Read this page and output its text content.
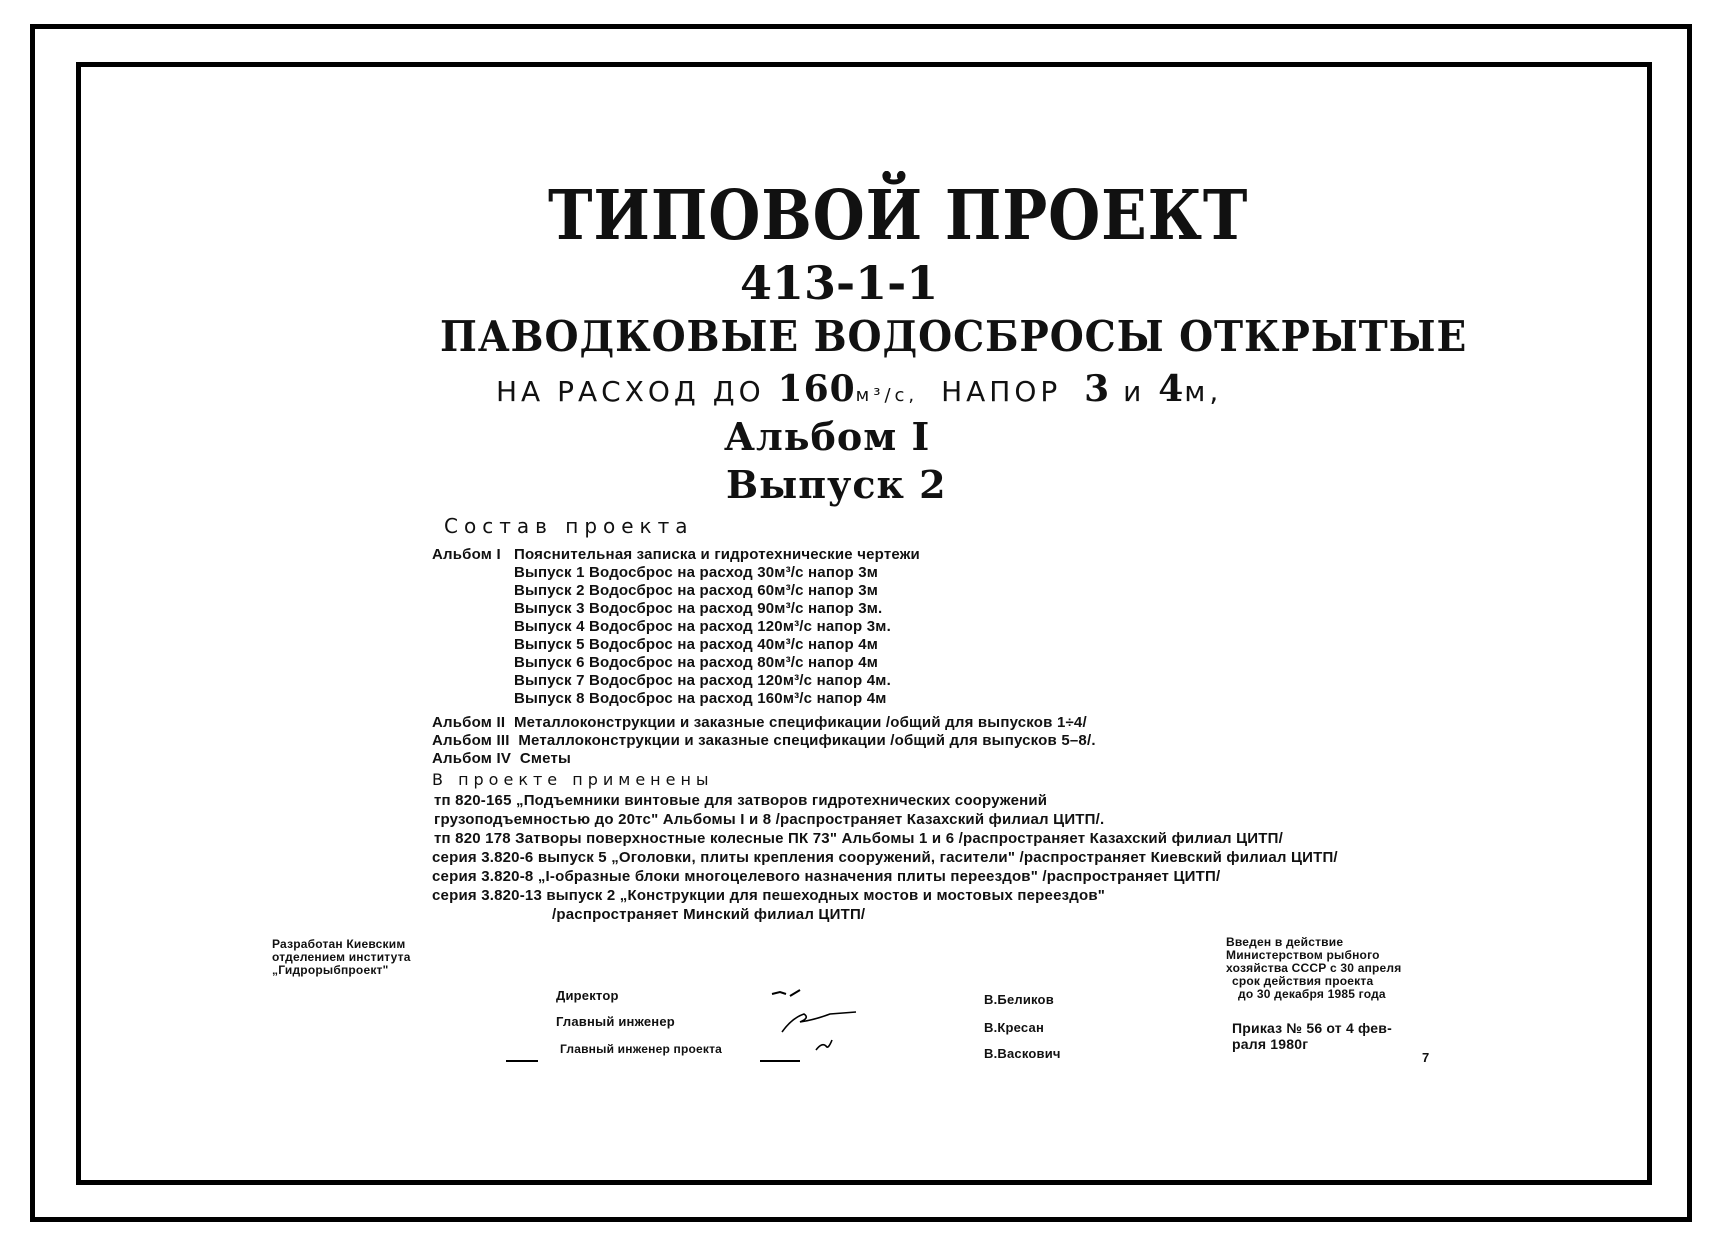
ТИПОВОЙ ПРОЕКТ
413-1-1
ПАВОДКОВЫЕ ВОДОСБРОСЫ ОТКРЫТЫЕ
НА РАСХОД ДО 160м³/с, НАПОР 3 и 4м,
Альбом I
Выпуск 2
Состав проекта
Альбом I Пояснительная записка и гидротехнические чертежи
Выпуск 1 Водосброс на расход 30м³/с напор 3м
Выпуск 2 Водосброс на расход 60м³/с напор 3м
Выпуск 3 Водосброс на расход 90м³/с напор 3м.
Выпуск 4 Водосброс на расход 120м³/с напор 3м.
Выпуск 5 Водосброс на расход 40м³/с напор 4м
Выпуск 6 Водосброс на расход 80м³/с напор 4м
Выпуск 7 Водосброс на расход 120м³/с напор 4м.
Выпуск 8 Водосброс на расход 160м³/с напор 4м
Альбом II Металлоконструкции и заказные спецификации /общий для выпусков 1÷4/
Альбом III Металлоконструкции и заказные спецификации /общий для выпусков 5–8/.
Альбом IV Сметы
В проекте применены
тп 820-165 „Подъемники винтовые для затворов гидротехнических сооружений
грузоподъемностью до 20тс" Альбомы I и 8 /распространяет Казахский филиал ЦИТП/.
тп 820 178 Затворы поверхностные колесные ПК 73" Альбомы 1 и 6 /распространяет Казахский филиал ЦИТП/
серия 3.820-6 выпуск 5 „Оголовки, плиты крепления сооружений, гасители" /распространяет Киевский филиал ЦИТП/
серия 3.820-8 „I-образные блоки многоцелевого назначения плиты переездов" /распространяет ЦИТП/
серия 3.820-13 выпуск 2 „Конструкции для пешеходных мостов и мостовых переездов"
/распространяет Минский филиал ЦИТП/
Разработан Киевским
отделением института
„Гидрорыбпроект"
Директор
Главный инженер
Главный инженер проекта
В.Беликов
В.Кресан
В.Васкович
Введен в действие
Министерством рыбного
хозяйства СССР с 30 апреля
срок действия проекта
до 30 декабря 1985 года
Приказ № 56 от 4 фев-
раля 1980г
7
